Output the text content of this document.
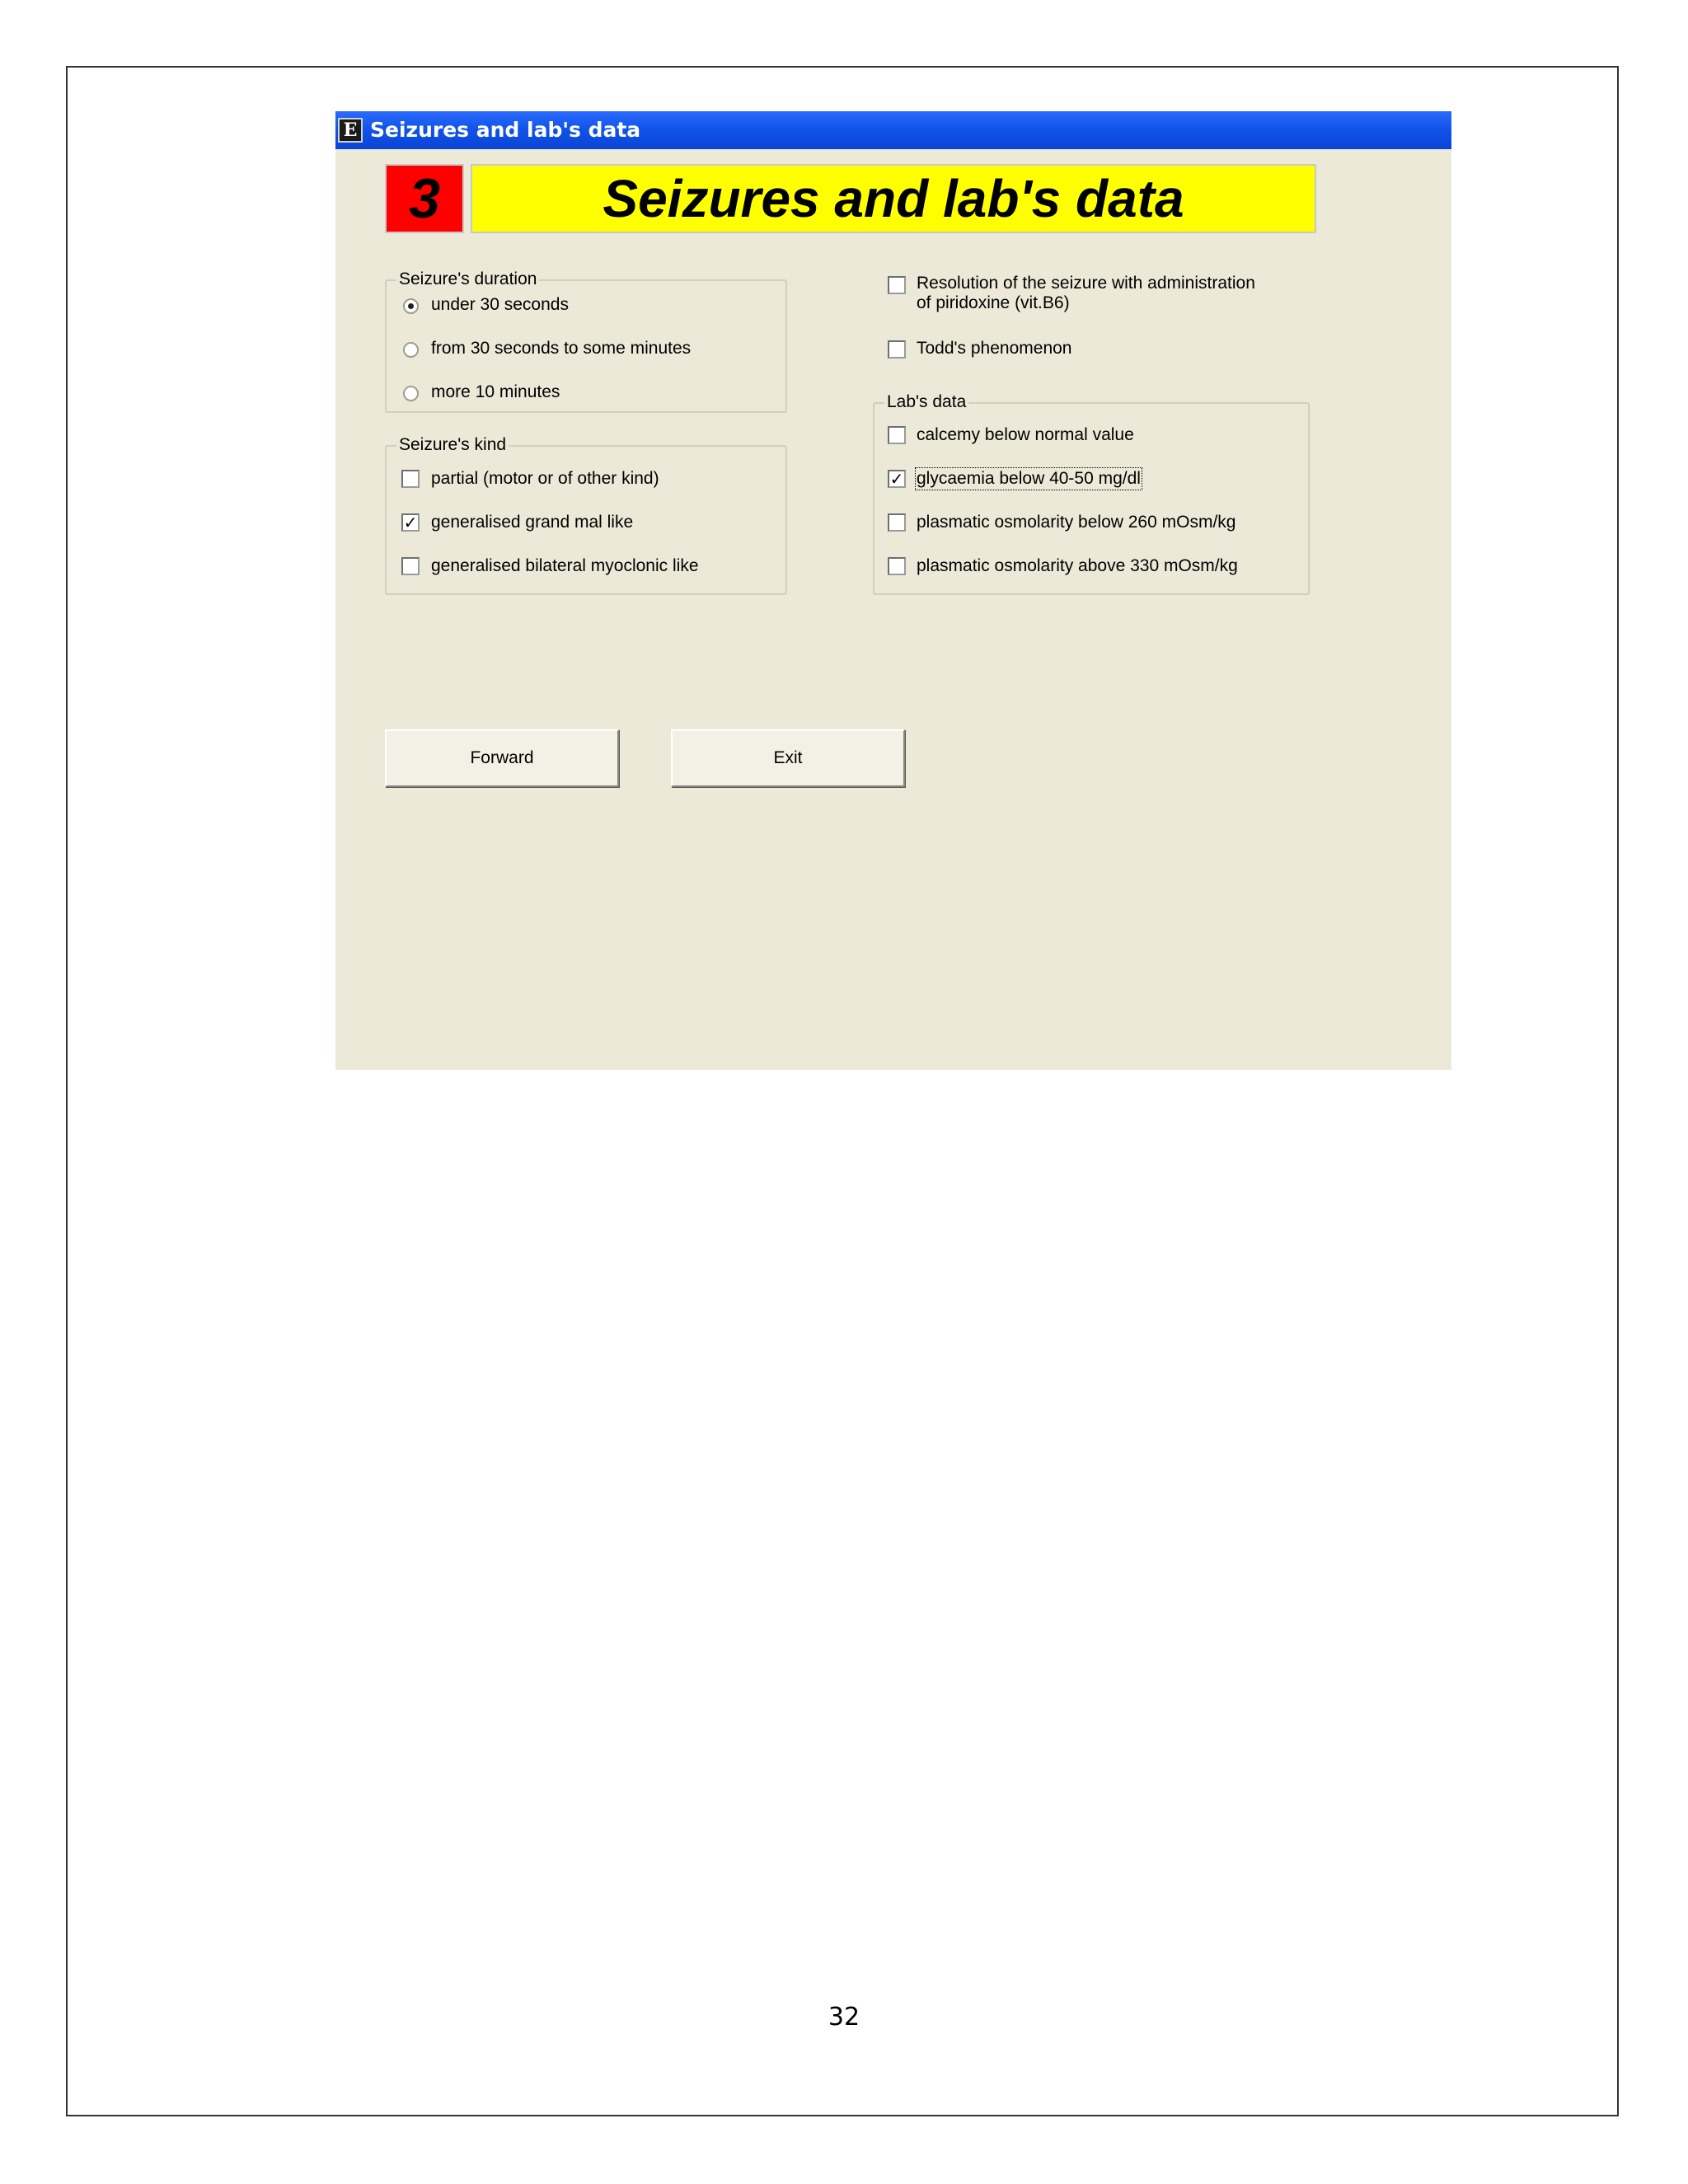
E Seizures and lab's data
3	Seizures and lab's data
Seizure's duration
under 30 seconds
from 30 seconds to some minutes
more 10 minutes
Seizure's kind
partial (motor or of other kind)
✓ generalised grand mal like
generalised bilateral myoclonic like
Resolution of the seizure with administration
of piridoxine (vit.B6)
Todd's phenomenon
Lab's data
calcemy below normal value
✓ glycaemia below 40-50 mg/dl
plasmatic osmolarity below 260 mOsm/kg
plasmatic osmolarity above 330 mOsm/kg
Forward	Exit
32
